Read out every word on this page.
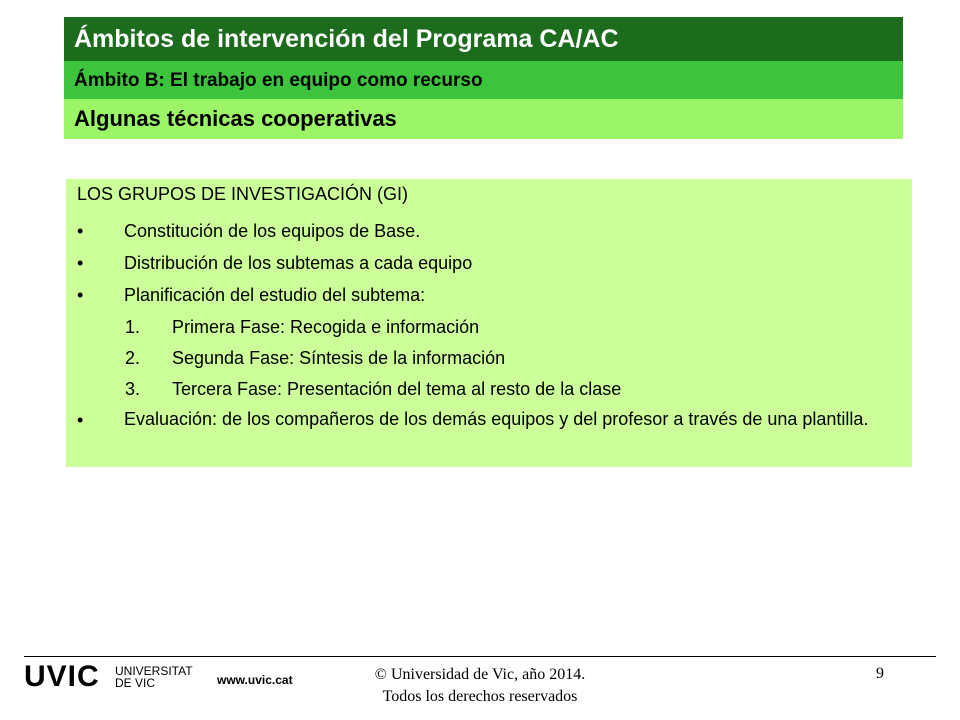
Ámbitos de intervención del Programa CA/AC
Ámbito B: El trabajo en equipo como recurso
Algunas técnicas cooperativas
LOS GRUPOS DE INVESTIGACIÓN (GI)
• Constitución de los equipos de Base.
• Distribución de los subtemas a cada equipo
• Planificación del estudio del subtema:
1. Primera Fase: Recogida e información
2. Segunda Fase: Síntesis de la información
3. Tercera Fase: Presentación del tema al resto de la clase
• Evaluación: de los compañeros de los demás equipos y del profesor a través de una plantilla.
UVIC UNIVERSITAT
DE VIC	www.uvic.cat	© Universidad de Vic, año 2014.
Todos los derechos reservados
9
